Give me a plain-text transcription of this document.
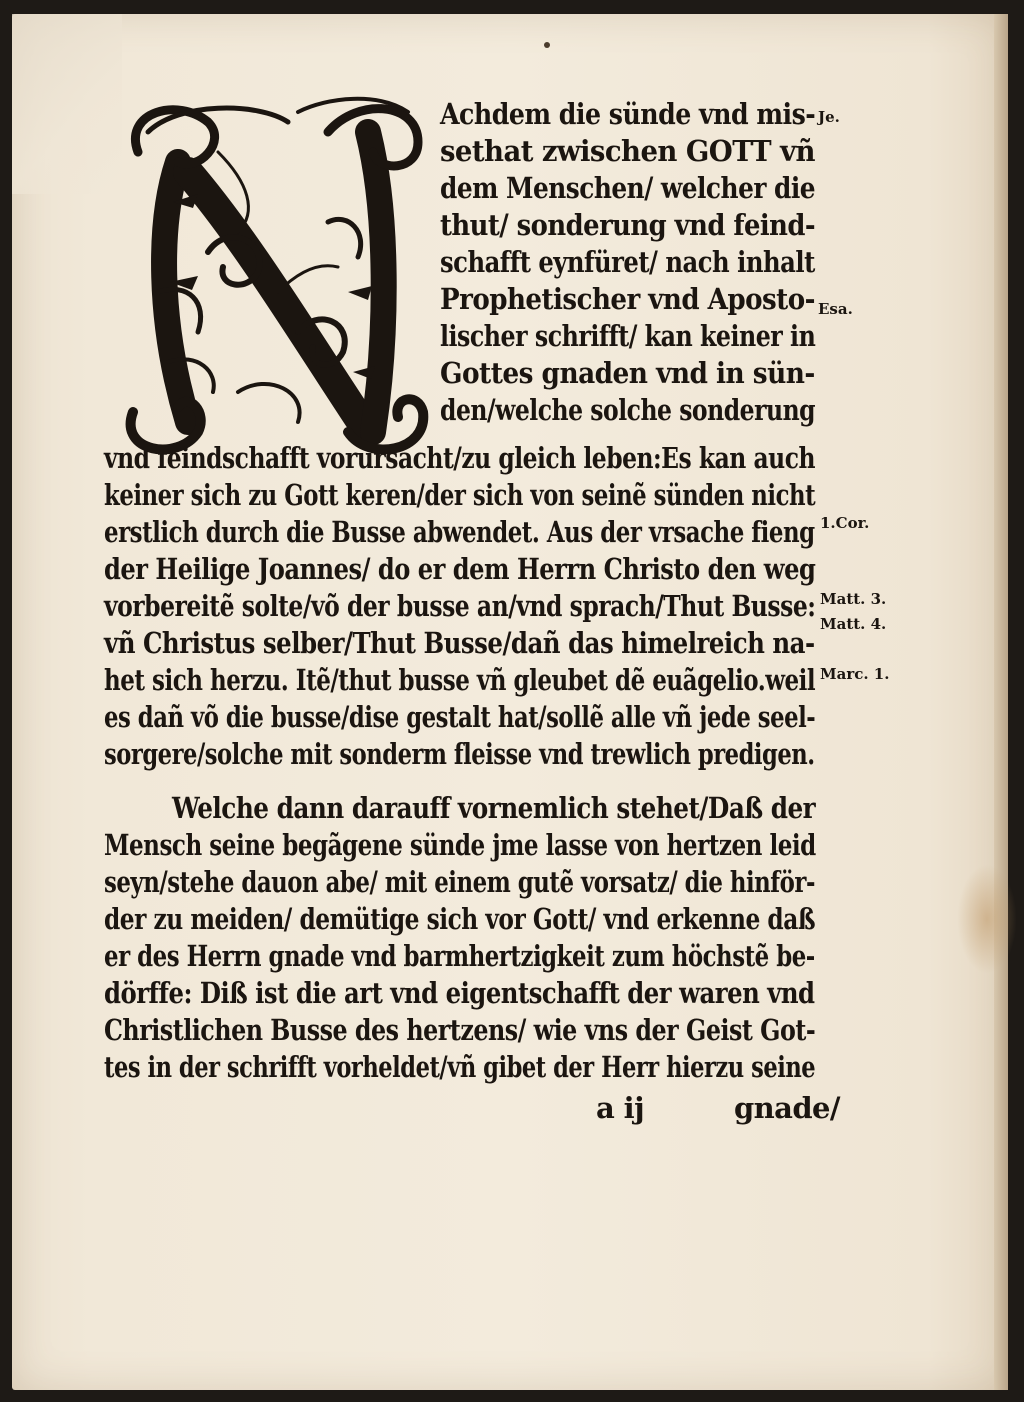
Achdem die sünde vnd mis-
sethat zwischen GOTT vñ
dem Menschen/ welcher die
thut/ sonderung vnd feind-
schafft eynfüret/ nach inhalt
Prophetischer vnd Aposto-
lischer schrifft/ kan keiner in
Gottes gnaden vnd in sün-
den/welche solche sonderung
vnd feindschafft vorursacht/zu gleich leben:Es kan auch
keiner sich zu Gott keren/der sich von seinẽ sünden nicht
erstlich durch die Busse abwendet. Aus der vrsache fieng
der Heilige Joannes/ do er dem Herrn Christo den weg
vorbereitẽ solte/võ der busse an/vnd sprach/Thut Busse:
vñ Christus selber/Thut Busse/dañ das himelreich na-
het sich herzu. Itẽ/thut busse vñ gleubet dẽ euãgelio.weil
es dañ võ die busse/dise gestalt hat/sollẽ alle vñ jede seel-
sorgere/solche mit sonderm fleisse vnd trewlich predigen.
Welche dann darauff vornemlich stehet/Daß der
Mensch seine begãgene sünde jme lasse von hertzen leid
seyn/stehe dauon abe/ mit einem gutẽ vorsatz/ die hinför-
der zu meiden/ demütige sich vor Gott/ vnd erkenne daß
er des Herrn gnade vnd barmhertzigkeit zum höchstẽ be-
dörffe: Diß ist die art vnd eigentschafft der waren vnd
Christlichen Busse des hertzens/ wie vns der Geist Got-
tes in der schrifft vorheldet/vñ gibet der Herr hierzu seine
a ij	gnade/
Je.
Esa.
1.Cor.
Matt. 3.
Matt. 4.
Marc. 1.
